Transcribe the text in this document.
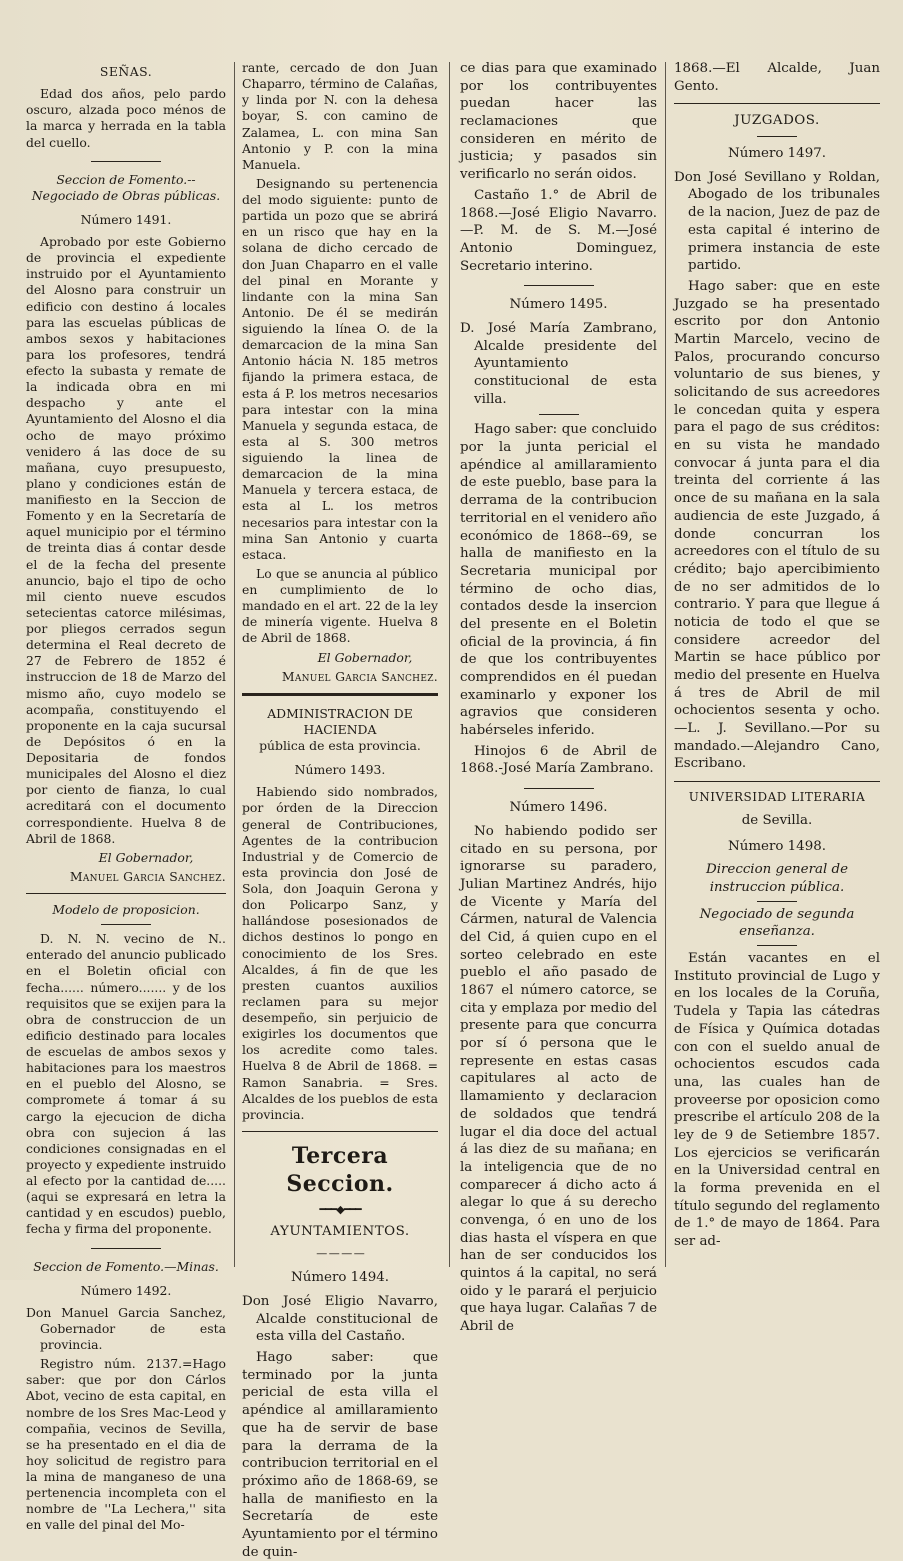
SEÑAS.

Edad dos años, pelo pardo oscuro, alzada poco ménos de la marca y herrada en la tabla del cuello.

Seccion de Fomento.--Negociado de Obras públicas.

Número 1491.

Aprobado por este Gobierno de provincia el expediente instruido por el Ayuntamiento del Alosno para construir un edificio con destino á locales para las escuelas públicas de ambos sexos y habitaciones para los profesores, tendrá efecto la subasta y remate de la indicada obra en mi despacho y ante el Ayuntamiento del Alosno el dia ocho de mayo próximo venidero á las doce de su mañana, cuyo presupuesto, plano y condiciones están de manifiesto en la Seccion de Fomento y en la Secretaría de aquel municipio por el término de treinta dias á contar desde el de la fecha del presente anuncio, bajo el tipo de ocho mil ciento nueve escudos setecientas catorce milésimas, por pliegos cerrados segun determina el Real decreto de 27 de Febrero de 1852 é instruccion de 18 de Marzo del mismo año, cuyo modelo se acompaña, constituyendo el proponente en la caja sucursal de Depósitos ó en la Depositaria de fondos municipales del Alosno el diez por ciento de fianza, lo cual acreditará con el documento correspondiente. Huelva 8 de Abril de 1868.

El Gobernador,

Manuel Garcia Sanchez.

Modelo de proposicion.

D. N. N. vecino de N.. enterado del anuncio publicado en el Boletin oficial con fecha...... número....... y de los requisitos que se exijen para la obra de construccion de un edificio destinado para locales de escuelas de ambos sexos y habitaciones para los maestros en el pueblo del Alosno, se compromete á tomar á su cargo la ejecucion de dicha obra con sujecion á las condiciones consignadas en el proyecto y expediente instruido al efecto por la cantidad de..... (aqui se expresará en letra la cantidad y en escudos) pueblo, fecha y firma del proponente.

Seccion de Fomento.—Minas.

Número 1492.

Don Manuel Garcia Sanchez, Gobernador de esta provincia.

Registro núm. 2137.=Hago saber: que por don Cárlos Abot, vecino de esta capital, en nombre de los Sres Mac-Leod y compañia, vecinos de Sevilla, se ha presentado en el dia de hoy solicitud de registro para la mina de manganeso de una pertenencia incompleta con el nombre de ''La Lechera,'' sita en valle del pinal del Mo-

rante, cercado de don Juan Chaparro, término de Calañas, y linda por N. con la dehesa boyar, S. con camino de Zalamea, L. con mina San Antonio y P. con la mina Manuela.

Designando su pertenencia del modo siguiente: punto de partida un pozo que se abrirá en un risco que hay en la solana de dicho cercado de don Juan Chaparro en el valle del pinal en Morante y lindante con la mina San Antonio. De él se medirán siguiendo la línea O. de la demarcacion de la mina San Antonio hácia N. 185 metros fijando la primera estaca, de esta á P. los metros necesarios para intestar con la mina Manuela y segunda estaca, de esta al S. 300 metros siguiendo la linea de demarcacion de la mina Manuela y tercera estaca, de esta al L. los metros necesarios para intestar con la mina San Antonio y cuarta estaca.

Lo que se anuncia al público en cumplimiento de lo mandado en el art. 22 de la ley de minería vigente. Huelva 8 de Abril de 1868.

El Gobernador,

Manuel Garcia Sanchez.

ADMINISTRACION DE HACIENDA

pública de esta provincia.

Número 1493.

Habiendo sido nombrados, por órden de la Direccion general de Contribuciones, Agentes de la contribucion Industrial y de Comercio de esta provincia don José de Sola, don Joaquin Gerona y don Policarpo Sanz, y hallándose posesionados de dichos destinos lo pongo en conocimiento de los Sres. Alcaldes, á fin de que les presten cuantos auxilios reclamen para su mejor desempeño, sin perjuicio de exigirles los documentos que los acredite como tales. Huelva 8 de Abril de 1868. = Ramon Sanabria. = Sres. Alcaldes de los pueblos de esta provincia.

Tercera Seccion.

━━━◆━━━

AYUNTAMIENTOS.

— — — —

Número 1494.

Don José Eligio Navarro, Alcalde constitucional de esta villa del Castaño.

Hago saber: que terminado por la junta pericial de esta villa el apéndice al amillaramiento que ha de servir de base para la derrama de la contribucion territorial en el próximo año de 1868-69, se halla de manifiesto en la Secretaría de este Ayuntamiento por el término de quin-

ce dias para que examinado por los contribuyentes puedan hacer las reclamaciones que consideren en mérito de justicia; y pasados sin verificarlo no serán oidos.

Castaño 1.° de Abril de 1868.—José Eligio Navarro. —P. M. de S. M.—José Antonio Dominguez, Secretario interino.

Número 1495.

D. José María Zambrano, Alcalde presidente del Ayuntamiento constitucional de esta villa.

Hago saber: que concluido por la junta pericial el apéndice al amillaramiento de este pueblo, base para la derrama de la contribucion territorial en el venidero año económico de 1868--69, se halla de manifiesto en la Secretaria municipal por término de ocho dias, contados desde la insercion del presente en el Boletin oficial de la provincia, á fin de que los contribuyentes comprendidos en él puedan examinarlo y exponer los agravios que consideren habérseles inferido.

Hinojos 6 de Abril de 1868.-José María Zambrano.

Número 1496.

No habiendo podido ser citado en su persona, por ignorarse su paradero, Julian Martinez Andrés, hijo de Vicente y María del Cármen, natural de Valencia del Cid, á quien cupo en el sorteo celebrado en este pueblo el año pasado de 1867 el número catorce, se cita y emplaza por medio del presente para que concurra por sí ó persona que le represente en estas casas capitulares al acto de llamamiento y declaracion de soldados que tendrá lugar el dia doce del actual á las diez de su mañana; en la inteligencia que de no comparecer á dicho acto á alegar lo que á su derecho convenga, ó en uno de los dias hasta el víspera en que han de ser conducidos los quintos á la capital, no será oido y le parará el perjuicio que haya lugar. Calañas 7 de Abril de

1868.—El Alcalde, Juan Gento.

JUZGADOS.

Número 1497.

Don José Sevillano y Roldan, Abogado de los tribunales de la nacion, Juez de paz de esta capital é interino de primera instancia de este partido.

Hago saber: que en este Juzgado se ha presentado escrito por don Antonio Martin Marcelo, vecino de Palos, procurando concurso voluntario de sus bienes, y solicitando de sus acreedores le concedan quita y espera para el pago de sus créditos: en su vista he mandado convocar á junta para el dia treinta del corriente á las once de su mañana en la sala audiencia de este Juzgado, á donde concurran los acreedores con el título de su crédito; bajo apercibimiento de no ser admitidos de lo contrario. Y para que llegue á noticia de todo el que se considere acreedor del Martin se hace público por medio del presente en Huelva á tres de Abril de mil ochocientos sesenta y ocho. —L. J. Sevillano.—Por su mandado.—Alejandro Cano, Escribano.

UNIVERSIDAD LITERARIA

de Sevilla.

Número 1498.

Direccion general de instruccion pública.

Negociado de segunda enseñanza.

Están vacantes en el Instituto provincial de Lugo y en los locales de la Coruña, Tudela y Tapia las cátedras de Física y Química dotadas con con el sueldo anual de ochocientos escudos cada una, las cuales han de proveerse por oposicion como prescribe el artículo 208 de la ley de 9 de Setiembre 1857. Los ejercicios se verificarán en la Universidad central en la forma prevenida en el título segundo del reglamento de 1.° de mayo de 1864. Para ser ad-
